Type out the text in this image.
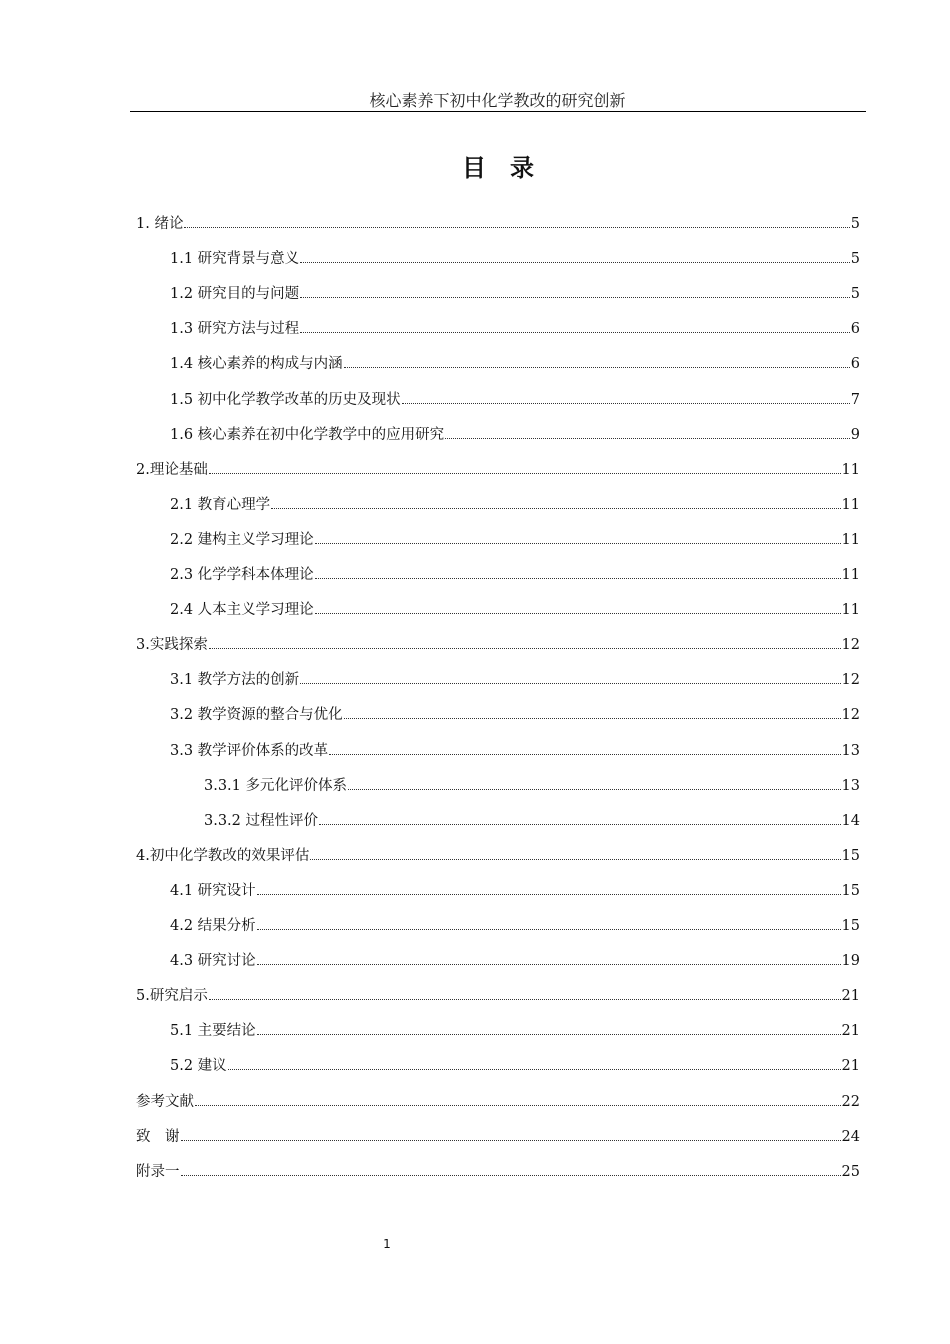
核心素养下初中化学教改的研究创新
目 录
1. 绪论	5
1.1 研究背景与意义	5
1.2 研究目的与问题	5
1.3 研究方法与过程	6
1.4 核心素养的构成与内涵	6
1.5 初中化学教学改革的历史及现状	7
1.6 核心素养在初中化学教学中的应用研究	9
2.理论基础	11
2.1 教育心理学	11
2.2 建构主义学习理论	11
2.3 化学学科本体理论	11
2.4 人本主义学习理论	11
3.实践探索	12
3.1 教学方法的创新	12
3.2 教学资源的整合与优化	12
3.3 教学评价体系的改革	13
3.3.1 多元化评价体系	13
3.3.2 过程性评价	14
4.初中化学教改的效果评估	15
4.1 研究设计	15
4.2 结果分析	15
4.3 研究讨论	19
5.研究启示	21
5.1 主要结论	21
5.2 建议	21
参考文献	22
致　谢	24
附录一	25
1
